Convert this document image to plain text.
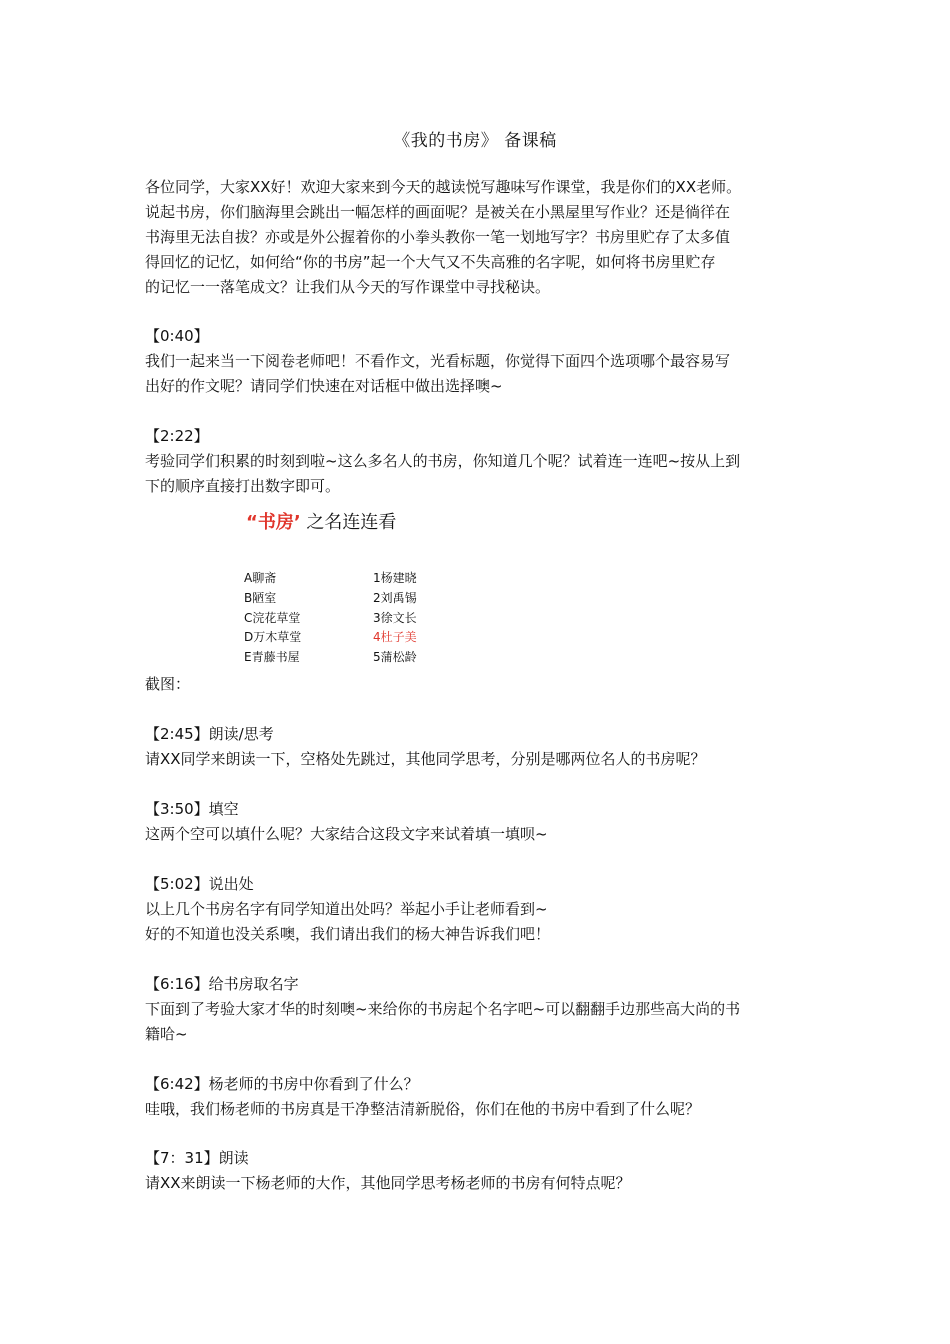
《我的书房》 备课稿

各位同学，大家XX好！欢迎大家来到今天的越读悦写趣味写作课堂，我是你们的XX老师。

说起书房，你们脑海里会跳出一幅怎样的画面呢？是被关在小黑屋里写作业？还是徜徉在

书海里无法自拔？亦或是外公握着你的小拳头教你一笔一划地写字？书房里贮存了太多值

得回忆的记忆，如何给“你的书房”起一个大气又不失高雅的名字呢，如何将书房里贮存

的记忆一一落笔成文？让我们从今天的写作课堂中寻找秘诀。

【0:40】

我们一起来当一下阅卷老师吧！不看作文，光看标题，你觉得下面四个选项哪个最容易写

出好的作文呢？请同学们快速在对话框中做出选择噢~

【2:22】

考验同学们积累的时刻到啦~这么多名人的书房，你知道几个呢？试着连一连吧~按从上到

下的顺序直接打出数字即可。

“书房’ 之名连连看
A聊斋
B陋室
C浣花草堂
D万木草堂
E青藤书屋
1杨建晓
2刘禹锡
3徐文长
4杜子美
5蒲松龄

截图：

【2:45】朗读/思考

请XX同学来朗读一下，空格处先跳过，其他同学思考，分别是哪两位名人的书房呢？

【3:50】填空

这两个空可以填什么呢？大家结合这段文字来试着填一填呗~

【5:02】说出处

以上几个书房名字有同学知道出处吗？举起小手让老师看到~

好的不知道也没关系噢，我们请出我们的杨大神告诉我们吧！

【6:16】给书房取名字

下面到了考验大家才华的时刻噢~来给你的书房起个名字吧~可以翻翻手边那些高大尚的书

籍哈~

【6:42】杨老师的书房中你看到了什么？

哇哦，我们杨老师的书房真是干净整洁清新脱俗，你们在他的书房中看到了什么呢？

【7：31】朗读

请XX来朗读一下杨老师的大作，其他同学思考杨老师的书房有何特点呢？
